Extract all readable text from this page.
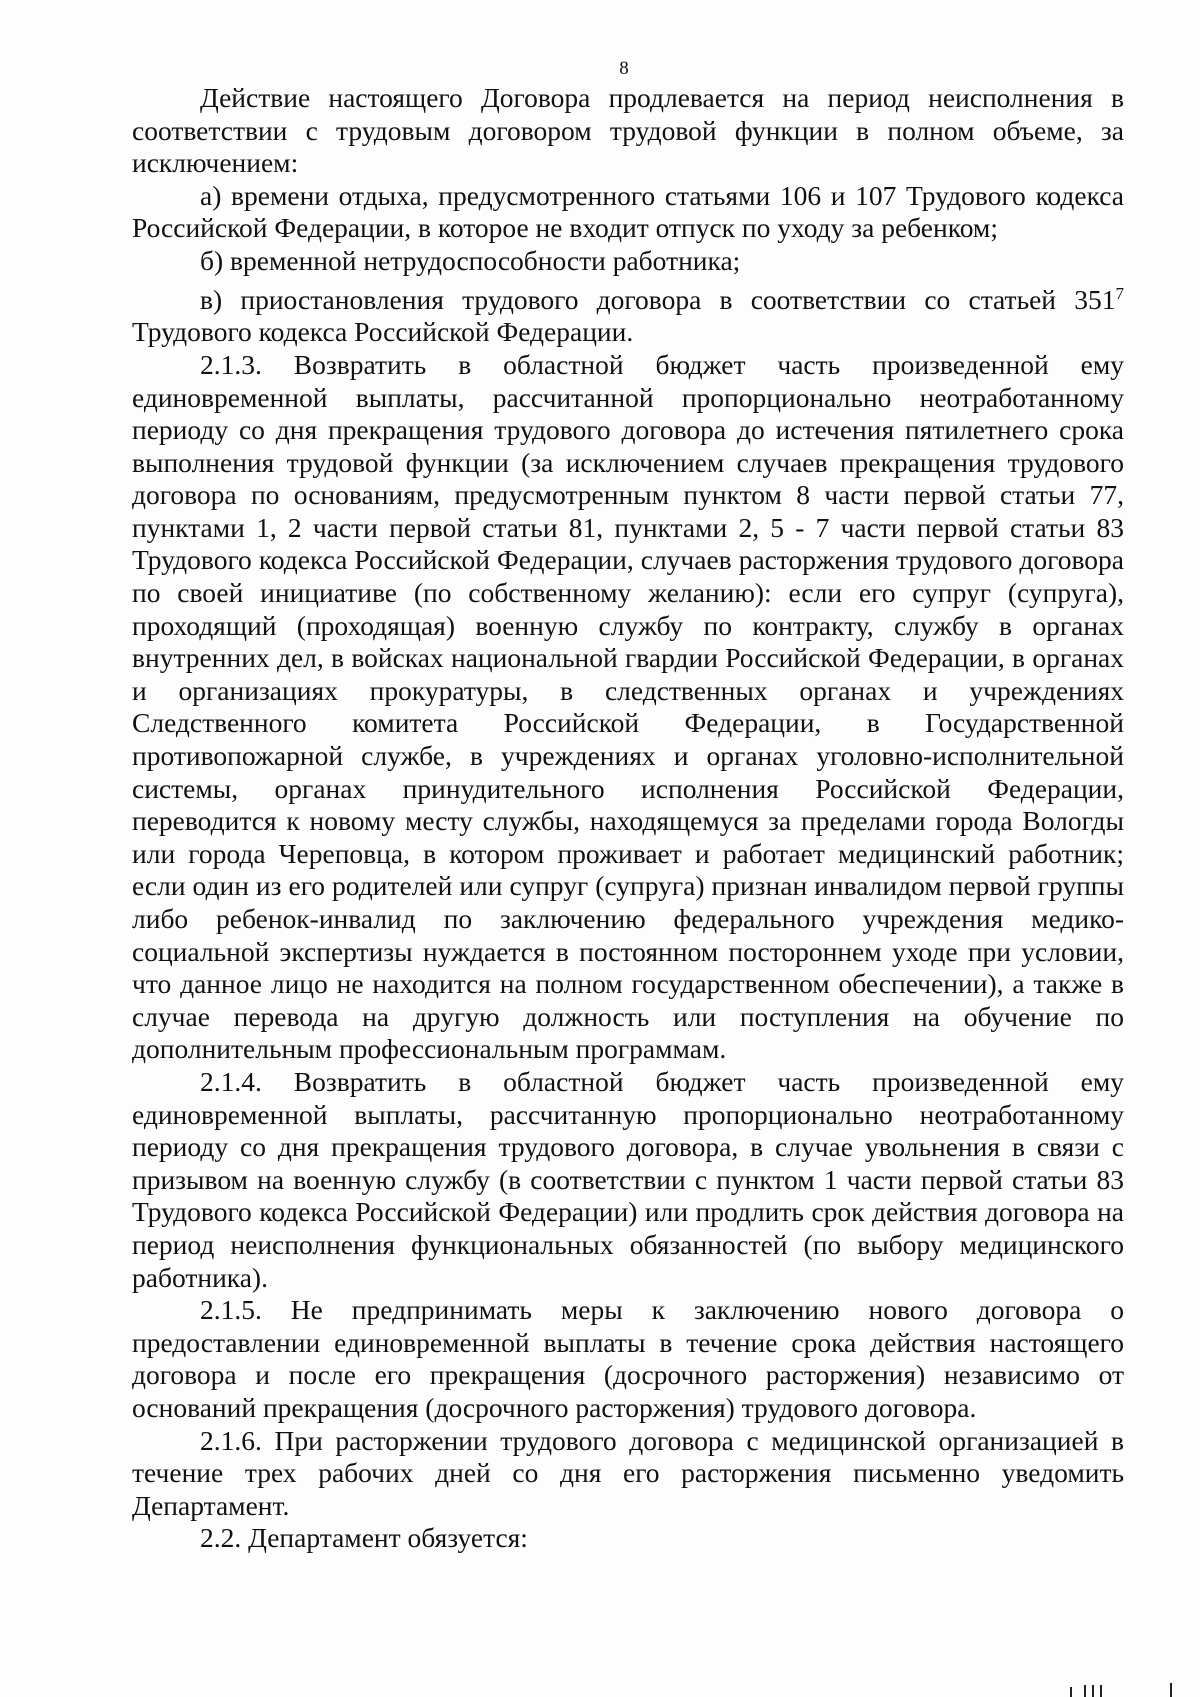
8

Действие настоящего Договора продлевается на период неисполнения в соответствии с трудовым договором трудовой функции в полном объеме, за исключением:

а) времени отдыха, предусмотренного статьями 106 и 107 Трудового кодекса Российской Федерации, в которое не входит отпуск по уходу за ребенком;

б) временной нетрудоспособности работника;

в) приостановления трудового договора в соответствии со статьей $351^7$ Трудового кодекса Российской Федерации.

2.1.3. Возвратить в областной бюджет часть произведенной ему единовременной выплаты, рассчитанной пропорционально неотработанному периоду со дня прекращения трудового договора до истечения пятилетнего срока выполнения трудовой функции (за исключением случаев прекращения трудового договора по основаниям, предусмотренным пунктом 8 части первой статьи 77, пунктами 1, 2 части первой статьи 81, пунктами 2, 5 - 7 части первой статьи 83 Трудового кодекса Российской Федерации, случаев расторжения трудового договора по своей инициативе (по собственному желанию): если его супруг (супруга), проходящий (проходящая) военную службу по контракту, службу в органах внутренних дел, в войсках национальной гвардии Российской Федерации, в органах и организациях прокуратуры, в следственных органах и учреждениях Следственного комитета Российской Федерации, в Государственной противопожарной службе, в учреждениях и органах уголовно-исполнительной системы, органах принудительного исполнения Российской Федерации, переводится к новому месту службы, находящемуся за пределами города Вологды или города Череповца, в котором проживает и работает медицинский работник; если один из его родителей или супруг (супруга) признан инвалидом первой группы либо ребенок-инвалид по заключению федерального учреждения медико-социальной экспертизы нуждается в постоянном постороннем уходе при условии, что данное лицо не находится на полном государственном обеспечении), а также в случае перевода на другую должность или поступления на обучение по дополнительным профессиональным программам.

2.1.4. Возвратить в областной бюджет часть произведенной ему единовременной выплаты, рассчитанную пропорционально неотработанному периоду со дня прекращения трудового договора, в случае увольнения в связи с призывом на военную службу (в соответствии с пунктом 1 части первой статьи 83 Трудового кодекса Российской Федерации) или продлить срок действия договора на период неисполнения функциональных обязанностей (по выбору медицинского работника).

2.1.5. Не предпринимать меры к заключению нового договора о предоставлении единовременной выплаты в течение срока действия настоящего договора и после его прекращения (досрочного расторжения) независимо от оснований прекращения (досрочного расторжения) трудового договора.

2.1.6. При расторжении трудового договора с медицинской организацией в течение трех рабочих дней со дня его расторжения письменно уведомить Департамент.

2.2. Департамент обязуется:
